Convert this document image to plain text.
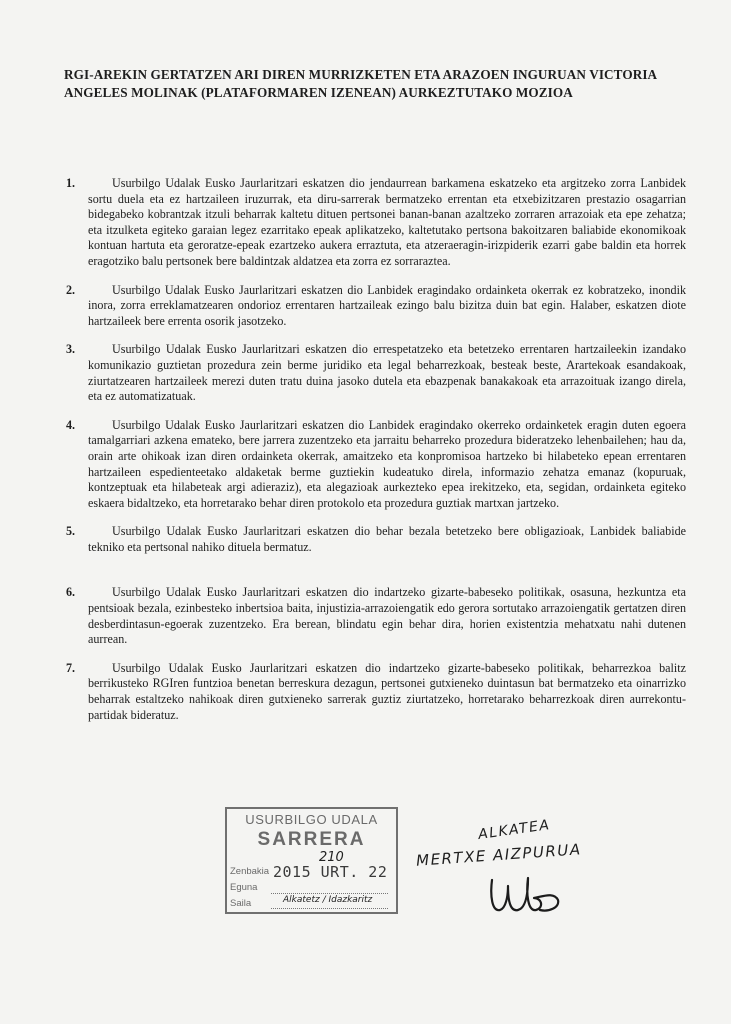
RGI-AREKIN GERTATZEN ARI DIREN MURRIZKETEN ETA ARAZOEN INGURUAN VICTORIA ANGELES MOLINAK (PLATAFORMAREN IZENEAN) AURKEZTUTAKO MOZIOA
1.	Usurbilgo Udalak Eusko Jaurlaritzari eskatzen dio jendaurrean barkamena eskatzeko eta argitzeko zorra Lanbidek sortu duela eta ez hartzaileen iruzurrak, eta diru-sarrerak bermatzeko errentan eta etxebizitzaren prestazio osagarrian bidegabeko kobrantzak itzuli beharrak kaltetu dituen pertsonei banan-banan azaltzeko zorraren arrazoiak eta epe zehatza; eta itzulketa egiteko garaian legez ezarritako epeak aplikatzeko, kaltetutako pertsona bakoitzaren baliabide ekonomikoak kontuan hartuta eta geroratze-epeak ezartzeko aukera erraztuta, eta atzeraeragin-irizpiderik ezarri gabe baldin eta horrek eragotziko balu pertsonek bere baldintzak aldatzea eta zorra ez sorraraztea.
2.	Usurbilgo Udalak Eusko Jaurlaritzari eskatzen dio Lanbidek eragindako ordainketa okerrak ez kobratzeko, inondik inora, zorra erreklamatzearen ondorioz errentaren hartzaileak ezingo balu bizitza duin bat egin. Halaber, eskatzen diote hartzaileek bere errenta osorik jasotzeko.
3.	Usurbilgo Udalak Eusko Jaurlaritzari eskatzen dio errespetatzeko eta betetzeko errentaren hartzaileekin izandako komunikazio guztietan prozedura zein berme juridiko eta legal beharrezkoak, besteak beste, Arartekoak esandakoak, ziurtatzearen hartzaileek merezi duten tratu duina jasoko dutela eta ebazpenak banakakoak eta arrazoituak izango direla, eta ez automatizatuak.
4.	Usurbilgo Udalak Eusko Jaurlaritzari eskatzen dio Lanbidek eragindako okerreko ordainketek eragin duten egoera tamalgarriari azkena emateko, bere jarrera zuzentzeko eta jarraitu beharreko prozedura bideratzeko lehenbailehen; hau da, orain arte ohikoak izan diren ordainketa okerrak, amaitzeko eta konpromisoa hartzeko bi hilabeteko epean errentaren hartzaileen espedienteetako aldaketak berme guztiekin kudeatuko direla, informazio zehatza emanaz (kopuruak, kontzeptuak eta hilabeteak argi adieraziz), eta alegazioak aurkezteko epea irekitzeko, eta, segidan, ordainketa egiteko eskaera bidaltzeko, eta horretarako behar diren protokolo eta prozedura guztiak martxan jartzeko.
5.	Usurbilgo Udalak Eusko Jaurlaritzari eskatzen dio behar bezala betetzeko bere obligazioak, Lanbidek baliabide tekniko eta pertsonal nahiko dituela bermatuz.
6.	Usurbilgo Udalak Eusko Jaurlaritzari eskatzen dio indartzeko gizarte-babeseko politikak, osasuna, hezkuntza eta pentsioak bezala, ezinbesteko inbertsioa baita, injustizia-arrazoiengatik edo gerora sortutako arrazoiengatik gertatzen diren desberdintasun-egoerak zuzentzeko. Era berean, blindatu egin behar dira, horien existentzia mehatxatu nahi dutenen aurrean.
7.	Usurbilgo Udalak Eusko Jaurlaritzari eskatzen dio indartzeko gizarte-babeseko politikak, beharrezkoa balitz berrikusteko RGIren funtzioa benetan berreskura dezagun, pertsonei gutxieneko duintasun bat bermatzeko eta oinarrizko beharrak estaltzeko nahikoak diren gutxieneko sarrerak guztiz ziurtatzeko, horretarako beharrezkoak diren aurrekontu-partidak bideratuz.
USURBILGO UDALA
SARRERA
Zenbakia
210
Eguna
2015 URT. 22
Saila	Alkatetz / Idazkaritz
ALKATEA
MERTXE AIZPURUA
